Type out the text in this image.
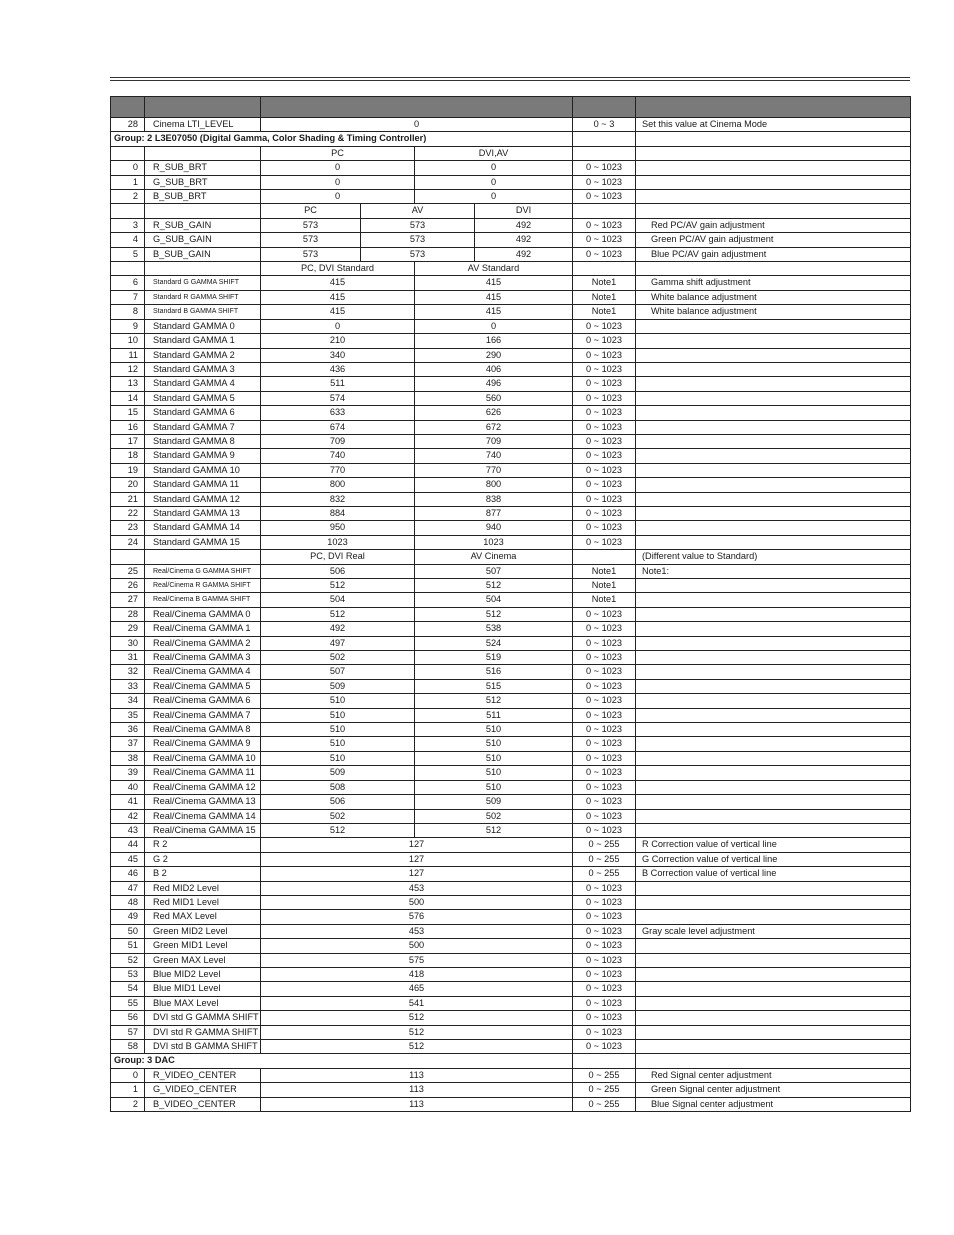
28	Cinema LTI_LEVEL	0				0 ~ 3	Set this value at Cinema Mode
Group: 2 L3E07050 (Digital Gamma, Color Shading & Timing Controller)							
		PC		DVI,AV			
0	R_SUB_BRT	0		0		0 ~ 1023	
1	G_SUB_BRT	0		0		0 ~ 1023	
2	B_SUB_BRT	0		0		0 ~ 1023	
		PC	AV		DVI		
3	R_SUB_GAIN	573	573		492	0 ~ 1023	Red PC/AV gain adjustment
4	G_SUB_GAIN	573	573		492	0 ~ 1023	Green PC/AV gain adjustment
5	B_SUB_GAIN	573	573		492	0 ~ 1023	Blue PC/AV gain adjustment
		PC, DVI Standard		AV Standard			
6	Standard G GAMMA SHIFT	415		415		Note1	Gamma shift adjustment
7	Standard R GAMMA SHIFT	415		415		Note1	White balance adjustment
8	Standard B GAMMA SHIFT	415		415		Note1	White balance adjustment
9	Standard GAMMA 0	0		0		0 ~ 1023	
10	Standard GAMMA 1	210		166		0 ~ 1023	
11	Standard GAMMA 2	340		290		0 ~ 1023	
12	Standard GAMMA 3	436		406		0 ~ 1023	
13	Standard GAMMA 4	511		496		0 ~ 1023	
14	Standard GAMMA 5	574		560		0 ~ 1023	
15	Standard GAMMA 6	633		626		0 ~ 1023	
16	Standard GAMMA 7	674		672		0 ~ 1023	
17	Standard GAMMA 8	709		709		0 ~ 1023	
18	Standard GAMMA 9	740		740		0 ~ 1023	
19	Standard GAMMA 10	770		770		0 ~ 1023	
20	Standard GAMMA 11	800		800		0 ~ 1023	
21	Standard GAMMA 12	832		838		0 ~ 1023	
22	Standard GAMMA 13	884		877		0 ~ 1023	
23	Standard GAMMA 14	950		940		0 ~ 1023	
24	Standard GAMMA 15	1023		1023		0 ~ 1023	
		PC, DVI Real		AV Cinema			(Different value to Standard)
25	Real/Cinema G GAMMA SHIFT	506		507		Note1	Note1:
26	Real/Cinema R GAMMA SHIFT	512		512		Note1	
27	Real/Cinema B GAMMA SHIFT	504		504		Note1	
28	Real/Cinema GAMMA 0	512		512		0 ~ 1023	
29	Real/Cinema GAMMA 1	492		538		0 ~ 1023	
30	Real/Cinema GAMMA 2	497		524		0 ~ 1023	
31	Real/Cinema GAMMA 3	502		519		0 ~ 1023	
32	Real/Cinema GAMMA 4	507		516		0 ~ 1023	
33	Real/Cinema GAMMA 5	509		515		0 ~ 1023	
34	Real/Cinema GAMMA 6	510		512		0 ~ 1023	
35	Real/Cinema GAMMA 7	510		511		0 ~ 1023	
36	Real/Cinema GAMMA 8	510		510		0 ~ 1023	
37	Real/Cinema GAMMA 9	510		510		0 ~ 1023	
38	Real/Cinema GAMMA 10	510		510		0 ~ 1023	
39	Real/Cinema GAMMA 11	509		510		0 ~ 1023	
40	Real/Cinema GAMMA 12	508		510		0 ~ 1023	
41	Real/Cinema GAMMA 13	506		509		0 ~ 1023	
42	Real/Cinema GAMMA 14	502		502		0 ~ 1023	
43	Real/Cinema GAMMA 15	512		512		0 ~ 1023	
44	R 2	127				0 ~ 255	R Correction value of vertical line
45	G 2	127				0 ~ 255	G Correction value of vertical line
46	B 2	127				0 ~ 255	B Correction value of vertical line
47	Red MID2 Level	453				0 ~ 1023	
48	Red MID1 Level	500				0 ~ 1023	
49	Red MAX Level	576				0 ~ 1023	
50	Green MID2 Level	453				0 ~ 1023	Gray scale level adjustment
51	Green MID1 Level	500				0 ~ 1023	
52	Green MAX Level	575				0 ~ 1023	
53	Blue MID2 Level	418				0 ~ 1023	
54	Blue MID1 Level	465				0 ~ 1023	
55	Blue MAX Level	541				0 ~ 1023	
56	DVI std G GAMMA SHIFT	512				0 ~ 1023	
57	DVI std R GAMMA SHIFT	512				0 ~ 1023	
58	DVI std B GAMMA SHIFT	512				0 ~ 1023	
Group: 3 DAC							
0	R_VIDEO_CENTER	113				0 ~ 255	Red Signal center adjustment
1	G_VIDEO_CENTER	113				0 ~ 255	Green Signal center adjustment
2	B_VIDEO_CENTER	113				0 ~ 255	Blue Signal center adjustment
